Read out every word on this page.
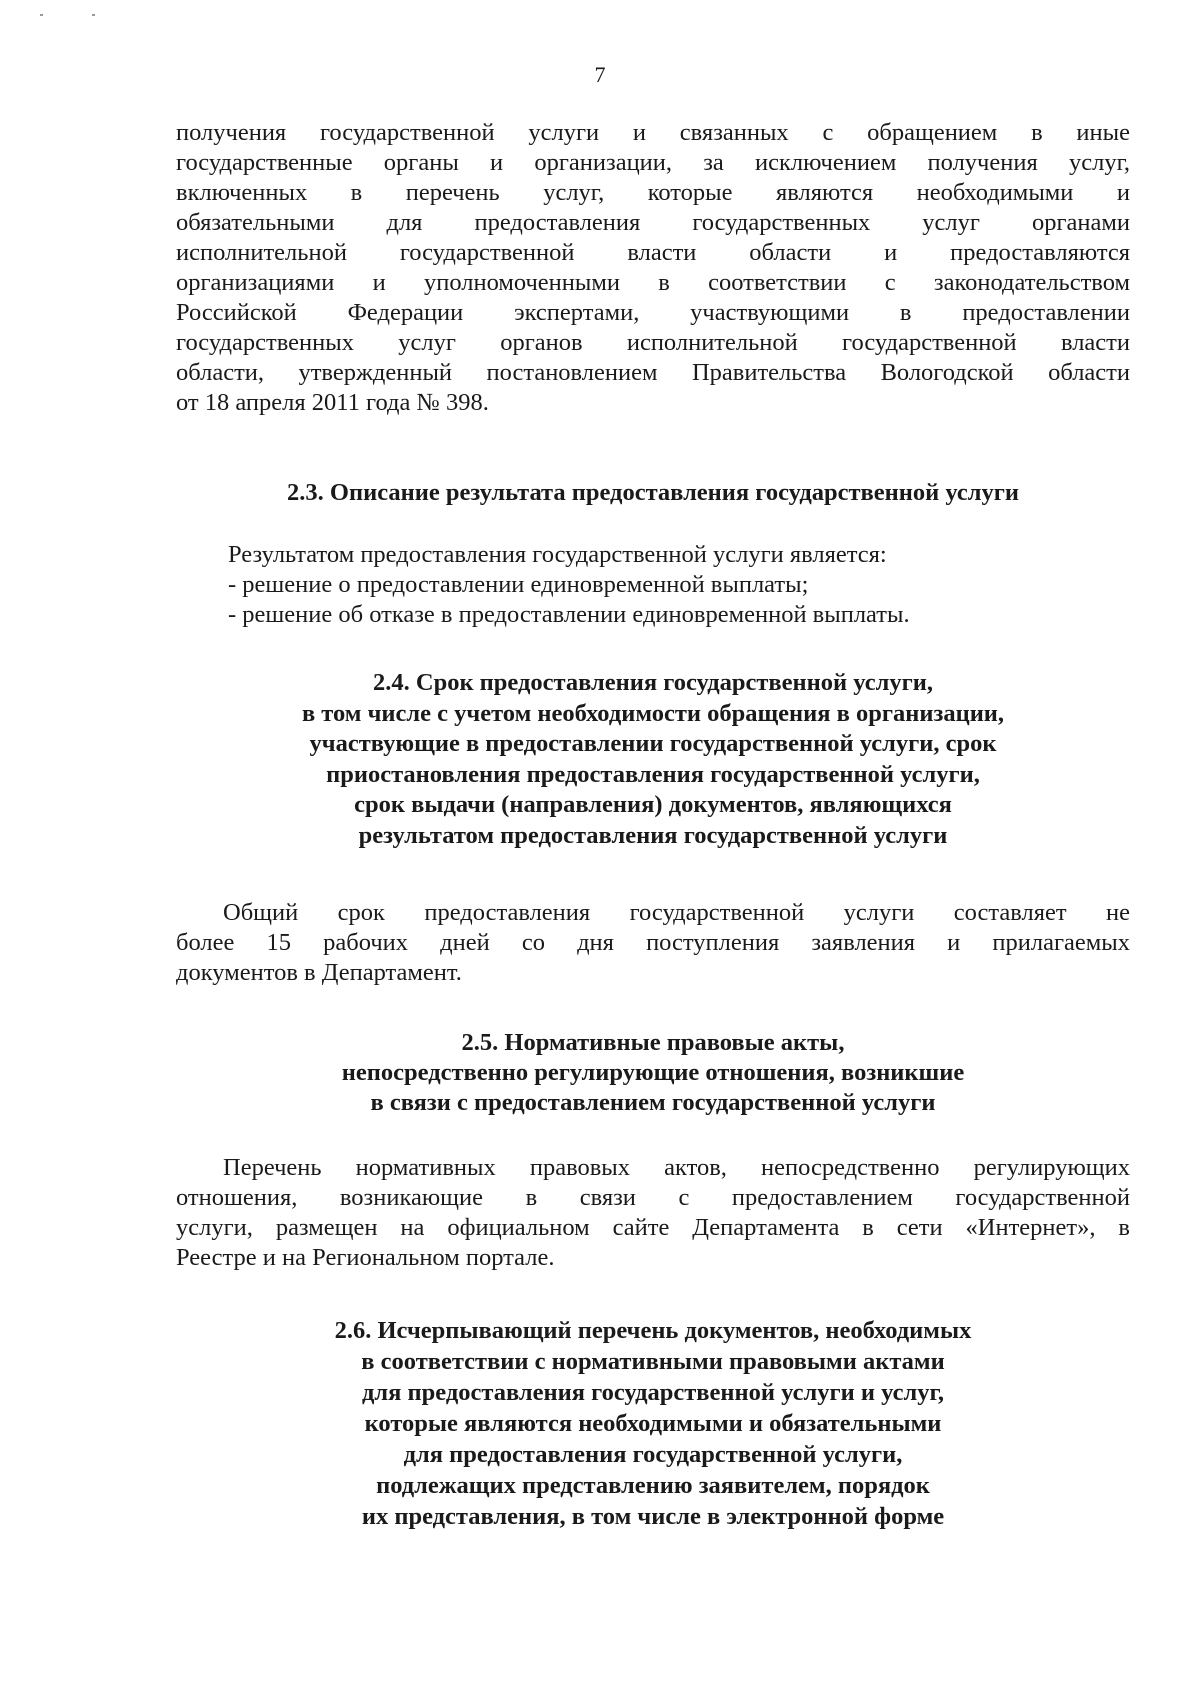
7

получения государственной услуги и связанных с обращением в иные
государственные органы и организации, за исключением получения услуг,
включенных в перечень услуг, которые являются необходимыми и
обязательными для предоставления государственных услуг органами
исполнительной государственной власти области и предоставляются
организациями и уполномоченными в соответствии с законодательством
Российской Федерации экспертами, участвующими в предоставлении
государственных услуг органов исполнительной государственной власти
области, утвержденный постановлением Правительства Вологодской области
от 18 апреля 2011 года № 398.

2.3. Описание результата предоставления государственной услуги

Результатом предоставления государственной услуги является:
- решение о предоставлении единовременной выплаты;
- решение об отказе в предоставлении единовременной выплаты.

2.4. Срок предоставления государственной услуги,
в том числе с учетом необходимости обращения в организации,
участвующие в предоставлении государственной услуги, срок
приостановления предоставления государственной услуги,
срок выдачи (направления) документов, являющихся
результатом предоставления государственной услуги

Общий срок предоставления государственной услуги составляет не
более 15 рабочих дней со дня поступления заявления и прилагаемых
документов в Департамент.

2.5. Нормативные правовые акты,
непосредственно регулирующие отношения, возникшие
в связи с предоставлением государственной услуги

Перечень нормативных правовых актов, непосредственно регулирующих
отношения, возникающие в связи с предоставлением государственной
услуги, размещен на официальном сайте Департамента в сети «Интернет», в
Реестре и на Региональном портале.

2.6. Исчерпывающий перечень документов, необходимых
в соответствии с нормативными правовыми актами
для предоставления государственной услуги и услуг,
которые являются необходимыми и обязательными
для предоставления государственной услуги,
подлежащих представлению заявителем, порядок
их представления, в том числе в электронной форме
